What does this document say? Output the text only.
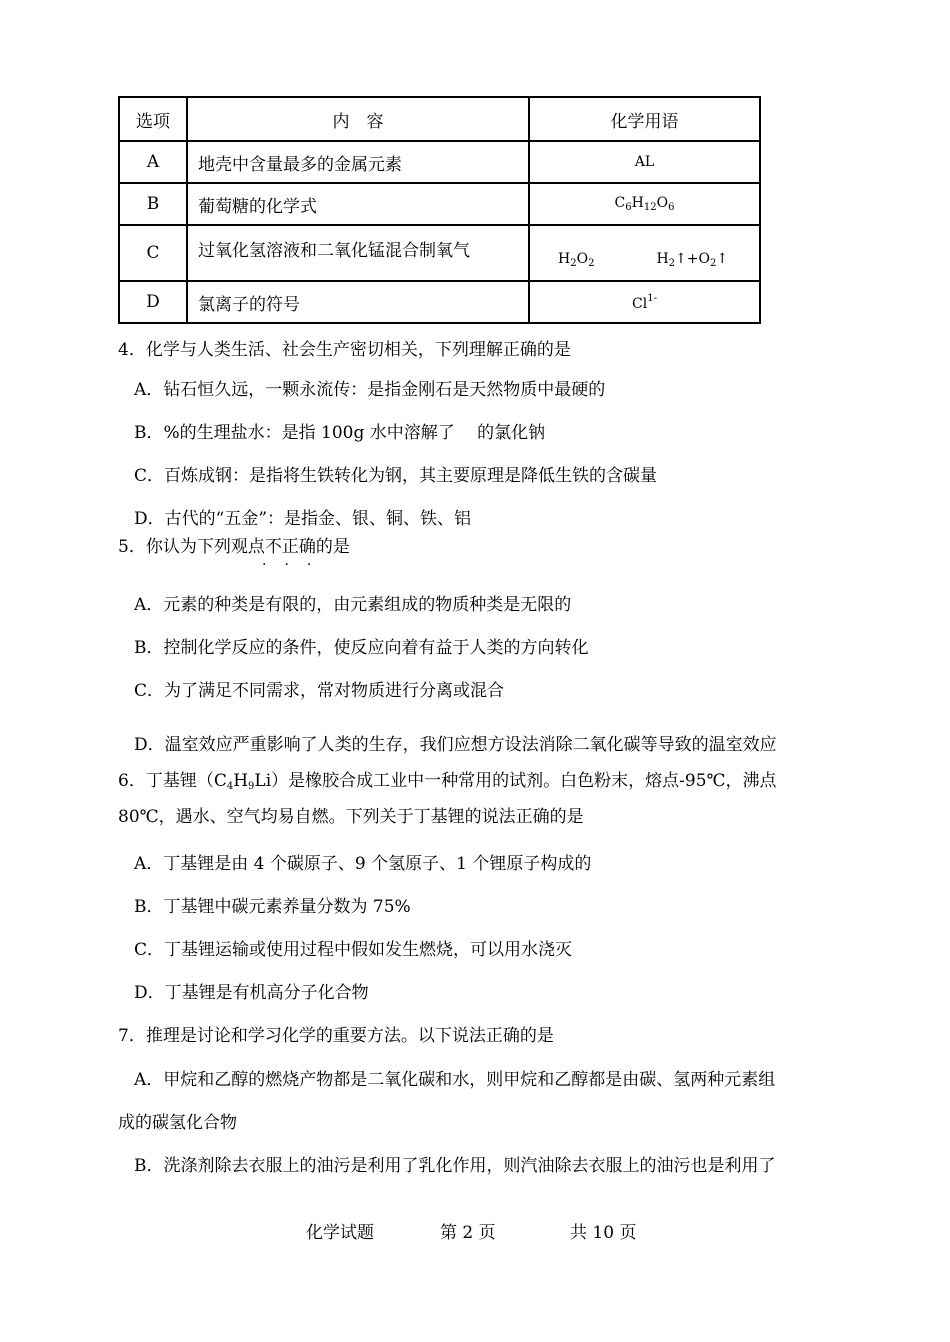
选项	内　容	化学用语
A	地壳中含量最多的金属元素	AL
B	葡萄糖的化学式	$C_6H_{12}O_6$
C	过氧化氢溶液和二氧化锰混合制氧气	$H_2O_2$ $H_2↑+O_2↑$
D	氯离子的符号	$Cl^{1-}$
4．化学与人类生活、社会生产密切相关，下列理解正确的是
A．钻石恒久远，一颗永流传：是指金刚石是天然物质中最硬的
B．%的生理盐水：是指 100g 水中溶解了　 的氯化钠
C．百炼成钢：是指将生铁转化为钢，其主要原理是降低生铁的含碳量
D．古代的“五金”：是指金、银、铜、铁、铝
5．你认为下列观点不正确的是
···
A．元素的种类是有限的，由元素组成的物质种类是无限的
B．控制化学反应的条件，使反应向着有益于人类的方向转化
C．为了满足不同需求，常对物质进行分离或混合
D．温室效应严重影响了人类的生存，我们应想方设法消除二氧化碳等导致的温室效应
6．丁基锂$(C_4H_9Li)$是橡胶合成工业中一种常用的试剂。白色粉末，熔点-95℃，沸点
80℃，遇水、空气均易自燃。下列关于丁基锂的说法正确的是
A．丁基锂是由 4 个碳原子、9 个氢原子、1 个锂原子构成的
B．丁基锂中碳元素养量分数为 75%
C．丁基锂运输或使用过程中假如发生燃烧，可以用水浇灭
D．丁基锂是有机高分子化合物
7．推理是讨论和学习化学的重要方法。以下说法正确的是
A．甲烷和乙醇的燃烧产物都是二氧化碳和水，则甲烷和乙醇都是由碳、氢两种元素组
成的碳氢化合物
B．洗涤剂除去衣服上的油污是利用了乳化作用，则汽油除去衣服上的油污也是利用了
化学试题	第 2 页	共 10 页
